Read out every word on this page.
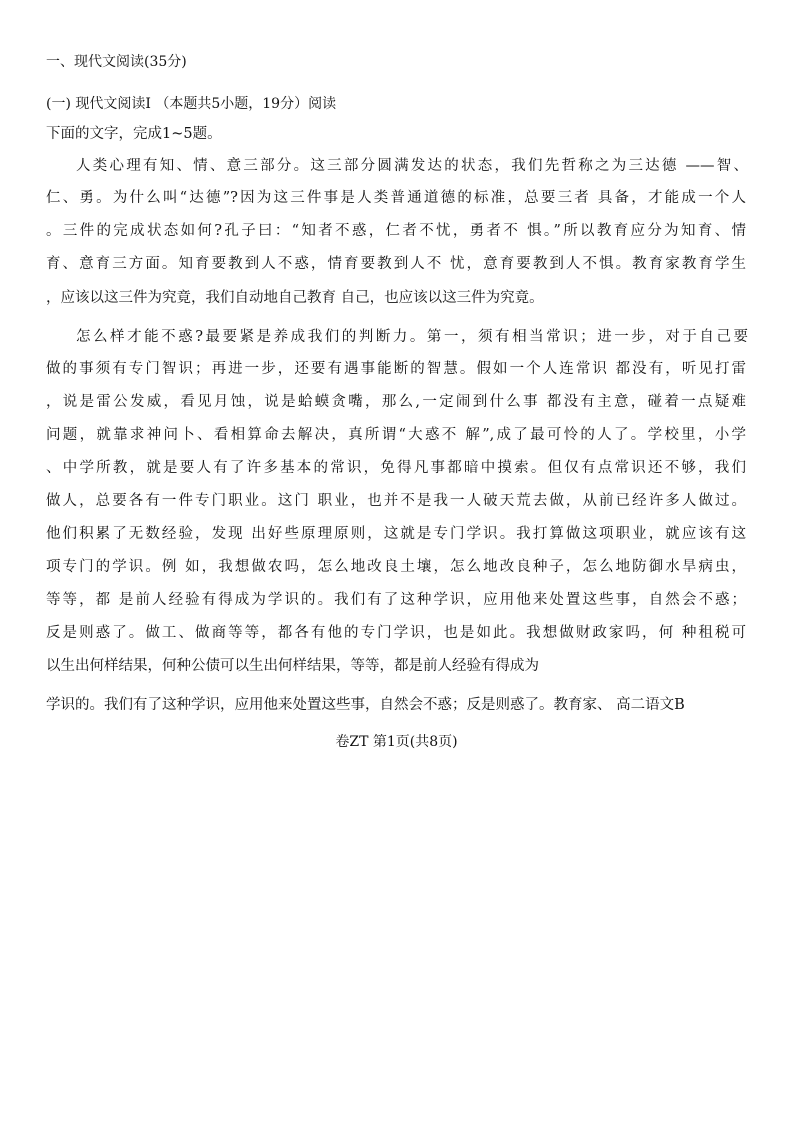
一、现代文阅读(35分)
(一) 现代文阅读I （本题共5小题，19分）阅读
下面的文字，完成1~5题。
人类心理有知、情、意三部分。这三部分圆满发达的状态，我们先哲称之为三达德 ——智、
仁、勇。为什么叫“达德”?因为这三件事是人类普通道德的标准，总要三者 具备，才能成一个人
。三件的完成状态如何?孔子曰：“知者不惑，仁者不忧，勇者不 惧。”所以教育应分为知育、情
育、意育三方面。知育要教到人不惑，情育要教到人不 忧，意育要教到人不惧。教育家教育学生
，应该以这三件为究竟，我们自动地自己教育 自己，也应该以这三件为究竟。
怎么样才能不惑?最要紧是养成我们的判断力。第一，须有相当常识；进一步，对于自己要
做的事须有专门智识；再进一步，还要有遇事能断的智慧。假如一个人连常识 都没有，听见打雷
，说是雷公发威，看见月蚀，说是蛤蟆贪嘴，那么,一定闹到什么事 都没有主意，碰着一点疑难
问题，就靠求神问卜、看相算命去解决，真所谓“大惑不 解”,成了最可怜的人了。学校里，小学
、中学所教，就是要人有了许多基本的常识，免得凡事都暗中摸索。但仅有点常识还不够，我们
做人，总要各有一件专门职业。这门 职业，也并不是我一人破天荒去做，从前已经许多人做过。
他们积累了无数经验，发现 出好些原理原则，这就是专门学识。我打算做这项职业，就应该有这
项专门的学识。例 如，我想做农吗，怎么地改良土壤，怎么地改良种子，怎么地防御水旱病虫，
等等，都 是前人经验有得成为学识的。我们有了这种学识，应用他来处置这些事，自然会不惑；
反是则惑了。做工、做商等等，都各有他的专门学识，也是如此。我想做财政家吗，何 种租税可
以生出何样结果，何种公债可以生出何样结果，等等，都是前人经验有得成为
学识的。我们有了这种学识，应用他来处置这些事，自然会不惑；反是则惑了。教育家、 高二语文B
卷ZT 第1页(共8页)
